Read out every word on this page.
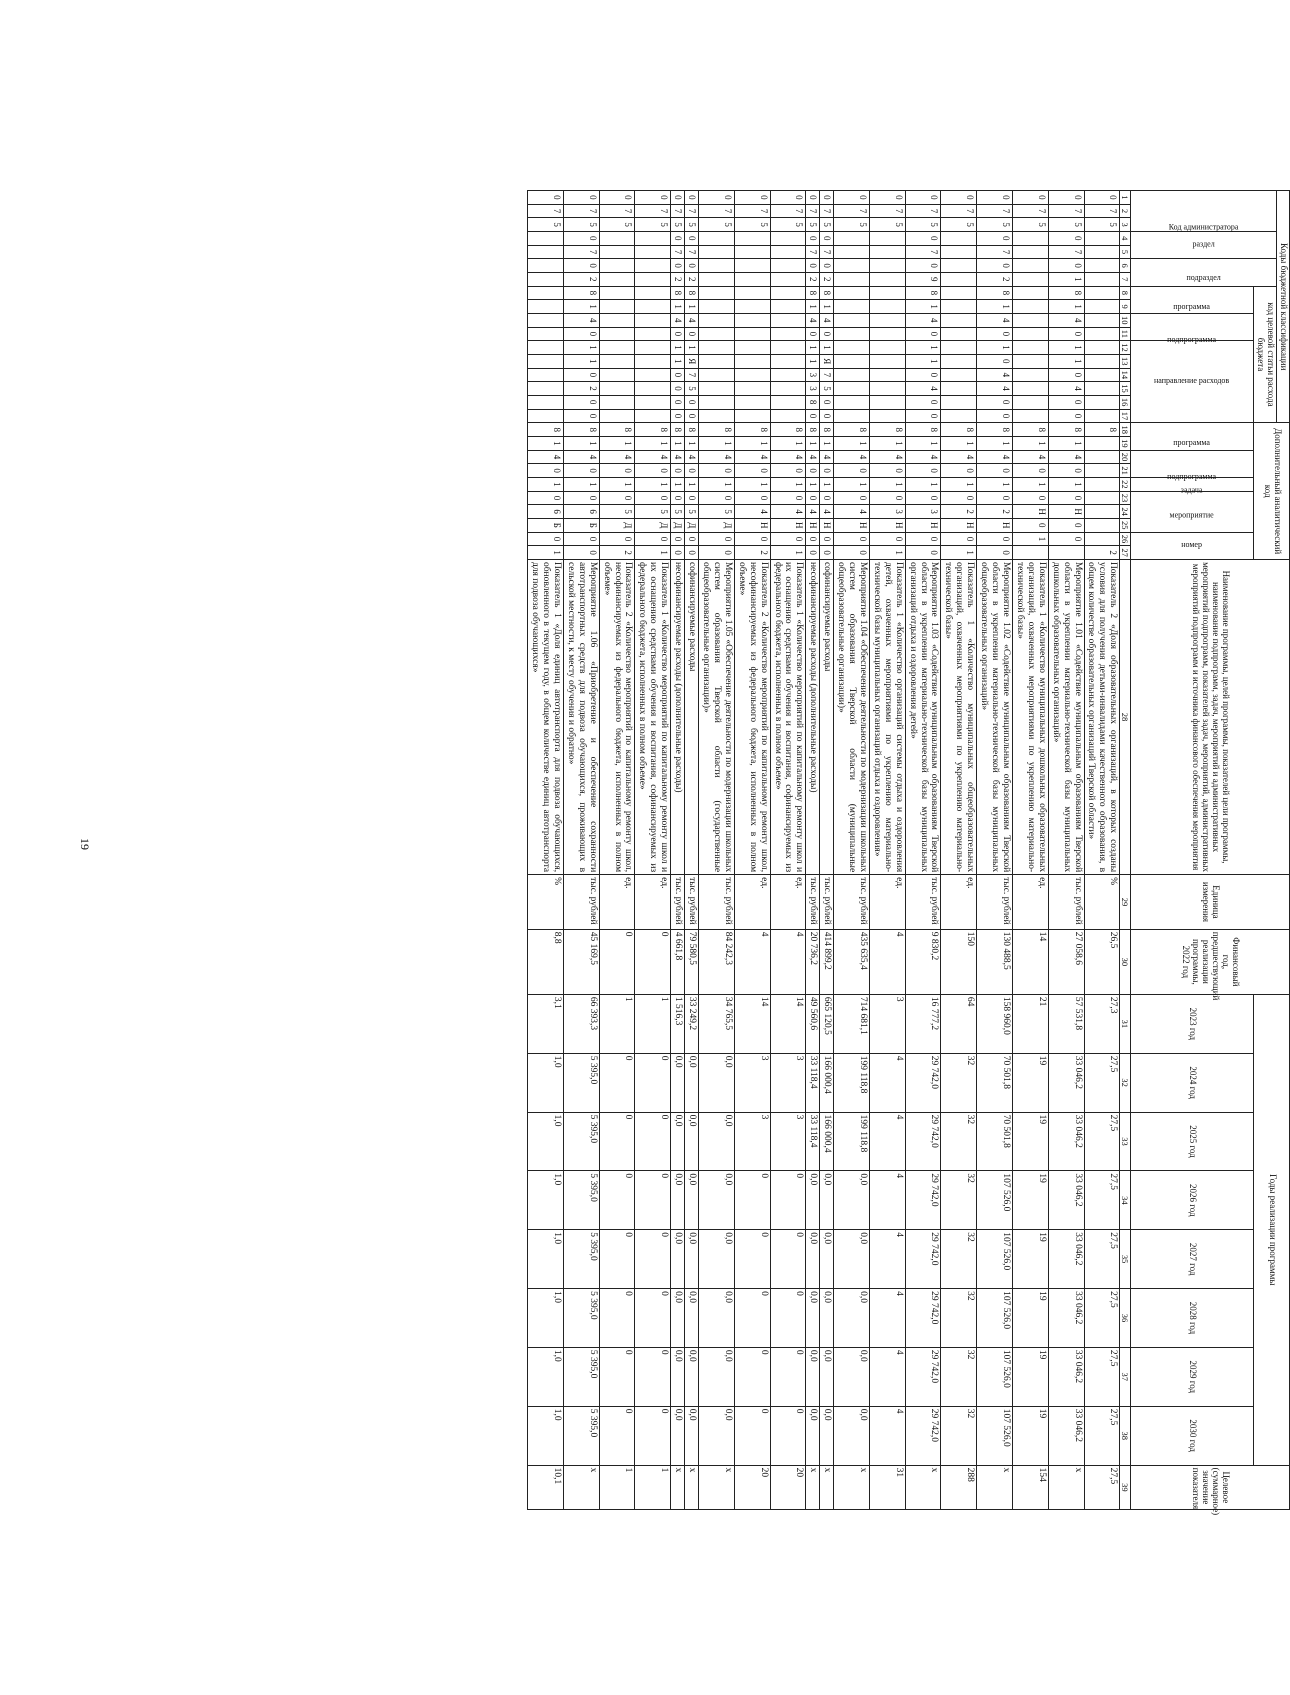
19
Коды бюджетной классификации																	Дополнительный аналитический код										Наименование программы, целей программы, показателей цели программы, наименование подпрограмм, задач, мероприятий и административных мероприятий подпрограмм, показателей задач, мероприятий, административных мероприятий подпрограмм и источника финансового обеспечения мероприятия	Единица измерения	Финансовый год, предшествующий реализации программы, 2022 год	Годы реализации программы								Целевое (суммарное) значение показателя
Код администратора			раздел		подраздел		код целевой статьи расхода бюджета																															
							программа		подпрограмма		направление расходов						программа		подпрограмма		задача	мероприятие			номер					2023 год	2024 год	2025 год	2026 год	2027 год	2028 год	2029 год	2030 год	
1	2	3	4	5	6	7	8	9	10	11	12	13	14	15	16	17	18	19	20	21	22	23	24	25	26	27	28	29	30	31	32	33	34	35	36	37	38	39
0	7	5															8									2	Показатель 2 «Доля образовательных организаций, в которых созданы условия для получения детьми-инвалидами качественного образования, в общем количестве образовательных организаций Тверской области»	%	26,5	27,3	27,5	27,5	27,5	27,5	27,5	27,5	27,5	27,5
0	7	5	0	7	0	1	8	1	4	0	1	1	0	4	0	0	8	1	4	0	1	0	Н	0	0		Мероприятие 1.01 «Содействие муниципальным образованиям Тверской области в укреплении материально-технической базы муниципальных дошкольных образовательных организаций»	тыс. рублей	27 058,6	57 531,8	33 046,2	33 046,2	33 046,2	33 046,2	33 046,2	33 046,2	33 046,2	х
0	7	5															8	1	4	0	1	0	Н	0	1		Показатель 1 «Количество муниципальных дошкольных образовательных организаций, охваченных мероприятиями по укреплению материально-технической базы»	ед.	14	21	19	19	19	19	19	19	19	154
0	7	5	0	7	0	2	8	1	4	0	1	0	4	4	0	0	8	1	4	0	1	0	2	Н	0	0	Мероприятие 1.02 «Содействие муниципальным образованиям Тверской области в укреплении материально-технической базы муниципальных общеобразовательных организаций»	тыс. рублей	130 488,5	158 960,0	70 501,8	70 501,8	107 526,0	107 526,0	107 526,0	107 526,0	107 526,0	х
0	7	5															8	1	4	0	1	0	2	Н	0	1	Показатель 1 «Количество муниципальных общеобразовательных организаций, охваченных мероприятиями по укреплению материально-технической базы»	ед.	150	64	32	32	32	32	32	32	32	288
0	7	5	0	7	0	9	8	1	4	0	1	1	0	4	0	0	8	1	4	0	1	0	3	Н	0	0	Мероприятие 1.03 «Содействие муниципальным образованиям Тверской области в укреплении материально-технической базы муниципальных организаций отдыха и оздоровления детей»	тыс. рублей	9 830,2	16 777,2	29 742,0	29 742,0	29 742,0	29 742,0	29 742,0	29 742,0	29 742,0	х
0	7	5															8	1	4	0	1	0	3	Н	0	1	Показатель 1 «Количество организаций системы отдыха и оздоровления детей, охваченных мероприятиями по укреплению материально-технической базы муниципальных организаций отдыха и оздоровления»	ед.	4	3	4	4	4	4	4	4	4	31
0	7	5															8	1	4	0	1	0	4	Н	0	0	Мероприятие 1.04 «Обеспечение деятельности по модернизации школьных систем образования Тверской области (муниципальные общеобразовательные организации)»	тыс. рублей	435 635,4	714 681,1	199 118,8	199 118,8	0,0	0,0	0,0	0,0	0,0	х
0	7	5	0	7	0	2	8	1	4	0	1	Я	7	5	0	0	8	1	4	0	1	0	4	Н	0	0	софинансируемые расходы	тыс. рублей	414 899,2	665 120,5	166 000,4	166 000,4	0,0	0,0	0,0	0,0	0,0	х
0	7	5	0	7	0	2	8	1	4	0	1	1	3	3	8	0	8	1	4	0	1	0	4	Н	0	0	несофинансируемые расходы (дополнительные расходы)	тыс. рублей	20 736,2	49 560,6	33 118,4	33 118,4	0,0	0,0	0,0	0,0	0,0	х
0	7	5															8	1	4	0	1	0	4	Н	0	1	Показатель 1 «Количество мероприятий по капитальному ремонту школ и их оснащению средствами обучения и воспитания, софинансируемых из федерального бюджета, исполненных в полном объеме»	ед.	4	14	3	3	0	0	0	0	0	20
0	7	5															8	1	4	0	1	0	4	Н	0	2	Показатель 2 «Количество мероприятий по капитальному ремонту школ, несофинансируемых из федерального бюджета, исполненных в полном объеме»	ед.	4	14	3	3	0	0	0	0	0	20
0	7	5															8	1	4	0	1	0	5	Д	0	0	Мероприятие 1.05 «Обеспечение деятельности по модернизации школьных систем образования Тверской области (государственные общеобразовательные организации)»	тыс. рублей	84 242,3	34 765,5	0,0	0,0	0,0	0,0	0,0	0,0	0,0	х
0	7	5	0	7	0	2	8	1	4	0	1	Я	7	5	0	0	8	1	4	0	1	0	5	Д	0	0	софинансируемые расходы	тыс. рублей	79 580,5	33 249,2	0,0	0,0	0,0	0,0	0,0	0,0	0,0	х
0	7	5	0	7	0	2	8	1	4	0	1	1	0	0	0	0	8	1	4	0	1	0	5	Д	0	0	несофинансируемые расходы (дополнительные расходы)	тыс. рублей	4 661,8	1 516,3	0,0	0,0	0,0	0,0	0,0	0,0	0,0	х
0	7	5															8	1	4	0	1	0	5	Д	0	1	Показатель 1 «Количество мероприятий по капитальному ремонту школ и их оснащению средствами обучения и воспитания, софинансируемых из федерального бюджета, исполненных в полном объеме»	ед.	0	1	0	0	0	0	0	0	0	1
0	7	5															8	1	4	0	1	0	5	Д	0	2	Показатель 2 «Количество мероприятий по капитальному ремонту школ, несофинансируемых из федерального бюджета, исполненных в полном объеме»	ед.	0	1	0	0	0	0	0	0	0	1
0	7	5	0	7	0	2	8	1	4	0	1	1	0	2	0	0	8	1	4	0	1	0	6	Б	0	0	Мероприятие 1.06 «Приобретение и обеспечение сохранности автотранспортных средств для подвоза обучающихся, проживающих в сельской местности, к месту обучения и обратно»	тыс. рублей	45 169,5	66 393,3	5 395,0	5 395,0	5 395,0	5 395,0	5 395,0	5 395,0	5 395,0	х
0	7	5															8	1	4	0	1	0	6	Б	0	1	Показатель 1 «Доля единиц автотранспорта для подвоза обучающихся, обновленного в текущем году, в общем количестве единиц автотранспорта для подвоза обучающихся»	%	8,8	3,1	1,0	1,0	1,0	1,0	1,0	1,0	1,0	10,1
